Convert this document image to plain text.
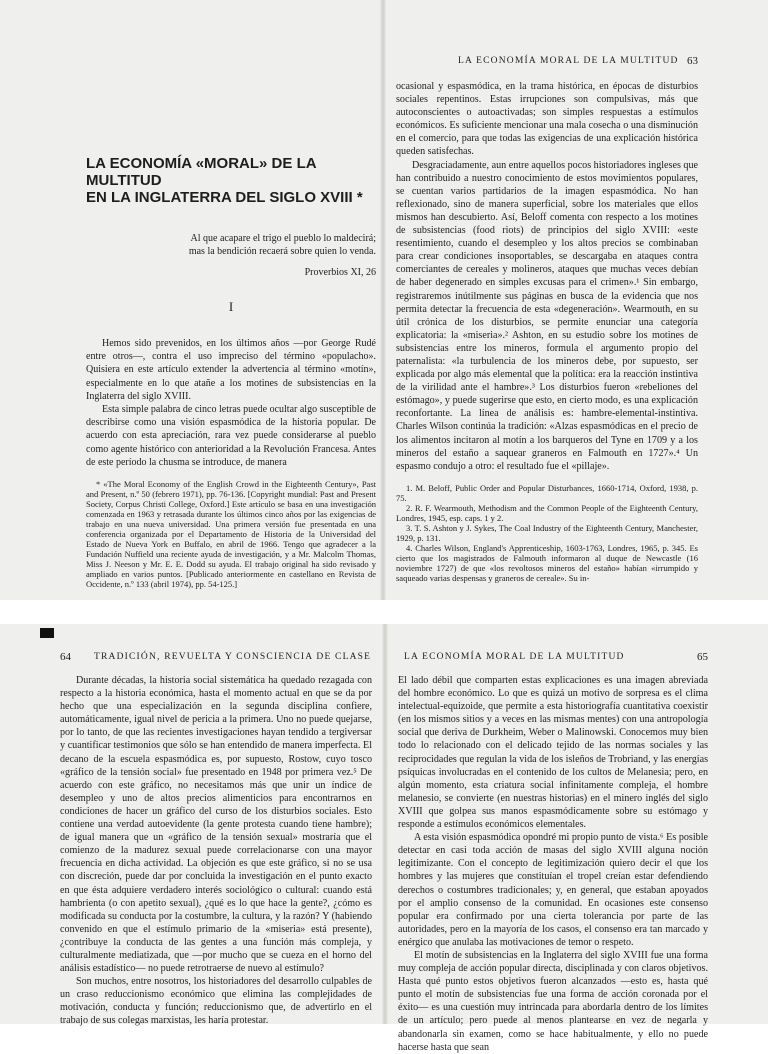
LA ECONOMÍA «MORAL» DE LA MULTITUD
EN LA INGLATERRA DEL SIGLO XVIII *
Al que acapare el trigo el pueblo lo maldecirá;
mas la bendición recaerá sobre quien lo venda.
Proverbios XI, 26
I

Hemos sido prevenidos, en los últimos años —por George Rudé entre otros—, contra el uso impreciso del término «populacho». Quisiera en este artículo extender la advertencia al término «motín», especialmente en lo que atañe a los motines de subsistencias en la Inglaterra del siglo XVIII.

Esta simple palabra de cinco letras puede ocultar algo susceptible de describirse como una visión espasmódica de la historia popular. De acuerdo con esta apreciación, rara vez puede considerarse al pueblo como agente histórico con anterioridad a la Revolución Francesa. Antes de este período la chusma se introduce, de manera

* «The Moral Economy of the English Crowd in the Eighteenth Century», Past and Present, n.º 50 (febrero 1971), pp. 76-136. [Copyright mundial: Past and Present Society, Corpus Christi College, Oxford.] Este artículo se basa en una investigación comenzada en 1963 y retrasada durante los últimos cinco años por las exigencias de trabajo en una nueva universidad. Una primera versión fue presentada en una conferencia organizada por el Departamento de Historia de la Universidad del Estado de Nueva York en Buffalo, en abril de 1966. Tengo que agradecer a la Fundación Nuffield una reciente ayuda de investigación, y a Mr. Malcolm Thomas, Miss J. Neeson y Mr. E. E. Dodd su ayuda. El trabajo original ha sido revisado y ampliado en varios puntos. [Publicado anteriormente en castellano en Revista de Occidente, n.º 133 (abril 1974), pp. 54-125.]

LA ECONOMÍA MORAL DE LA MULTITUD 63

ocasional y espasmódica, en la trama histórica, en épocas de disturbios sociales repentinos. Estas irrupciones son compulsivas, más que autoconscientes o autoactivadas; son simples respuestas a estímulos económicos. Es suficiente mencionar una mala cosecha o una disminución en el comercio, para que todas las exigencias de una explicación histórica queden satisfechas.

Desgraciadamente, aun entre aquellos pocos historiadores ingleses que han contribuido a nuestro conocimiento de estos movimientos populares, se cuentan varios partidarios de la imagen espasmódica. No han reflexionado, sino de manera superficial, sobre los materiales que ellos mismos han descubierto. Así, Beloff comenta con respecto a los motines de subsistencias (food riots) de principios del siglo XVIII: «este resentimiento, cuando el desempleo y los altos precios se combinaban para crear condiciones insoportables, se descargaba en ataques contra comerciantes de cereales y molineros, ataques que muchas veces debían de haber degenerado en simples excusas para el crimen».¹ Sin embargo, registraremos inútilmente sus páginas en busca de la evidencia que nos permita detectar la frecuencia de esta «degeneración». Wearmouth, en su útil crónica de los disturbios, se permite enunciar una categoría explicatoria: la «miseria».² Ashton, en su estudio sobre los motines de subsistencias entre los mineros, formula el argumento propio del paternalista: «la turbulencia de los mineros debe, por supuesto, ser explicada por algo más elemental que la política: era la reacción instintiva de la virilidad ante el hambre».³ Los disturbios fueron «rebeliones del estómago», y puede sugerirse que esto, en cierto modo, es una explicación reconfortante. La línea de análisis es: hambre-elemental-instintiva. Charles Wilson continúa la tradición: «Alzas espasmódicas en el precio de los alimentos incitaron al motín a los barqueros del Tyne en 1709 y a los mineros del estaño a saquear graneros en Falmouth en 1727».⁴ Un espasmo condujo a otro: el resultado fue el «pillaje».

1. M. Beloff, Public Order and Popular Disturbances, 1660-1714, Oxford, 1938, p. 75.

2. R. F. Wearmouth, Methodism and the Common People of the Eighteenth Century, Londres, 1945, esp. caps. 1 y 2.

3. T. S. Ashton y J. Sykes, The Coal Industry of the Eighteenth Century, Manchester, 1929, p. 131.

4. Charles Wilson, England's Apprenticeship, 1603-1763, Londres, 1965, p. 345. Es cierto que los magistrados de Falmouth informaron al duque de Newcastle (16 noviembre 1727) de que «los revoltosos mineros del estaño» habían «irrumpido y saqueado varias despensas y graneros de cereale». Su in-

64 TRADICIÓN, REVUELTA Y CONSCIENCIA DE CLASE

Durante décadas, la historia social sistemática ha quedado rezagada con respecto a la historia económica, hasta el momento actual en que se da por hecho que una especialización en la segunda disciplina confiere, automáticamente, igual nivel de pericia a la primera. Uno no puede quejarse, por lo tanto, de que las recientes investigaciones hayan tendido a tergiversar y cuantificar testimonios que sólo se han entendido de manera imperfecta. El decano de la escuela espasmódica es, por supuesto, Rostow, cuyo tosco «gráfico de la tensión social» fue presentado en 1948 por primera vez.⁵ De acuerdo con este gráfico, no necesitamos más que unir un índice de desempleo y uno de altos precios alimenticios para encontrarnos en condiciones de hacer un gráfico del curso de los disturbios sociales. Esto contiene una verdad autoevidente (la gente protesta cuando tiene hambre); de igual manera que un «gráfico de la tensión sexual» mostraría que el comienzo de la madurez sexual puede correlacionarse con una mayor frecuencia en dicha actividad. La objeción es que este gráfico, si no se usa con discreción, puede dar por concluida la investigación en el punto exacto en que ésta adquiere verdadero interés sociológico o cultural: cuando está hambrienta (o con apetito sexual), ¿qué es lo que hace la gente?, ¿cómo es modificada su conducta por la costumbre, la cultura, y la razón? Y (habiendo convenido en que el estímulo primario de la «miseria» está presente), ¿contribuye la conducta de las gentes a una función más compleja, y culturalmente mediatizada, que —por mucho que se cueza en el horno del análisis estadístico— no puede retrotraerse de nuevo al estímulo?

Son muchos, entre nosotros, los historiadores del desarrollo culpables de un craso reduccionismo económico que elimina las complejidades de motivación, conducta y función; reduccionismo que, de advertirlo en el trabajo de sus colegas marxistas, les haría protestar.

LA ECONOMÍA MORAL DE LA MULTITUD	65

El lado débil que comparten estas explicaciones es una imagen abreviada del hombre económico. Lo que es quizá un motivo de sorpresa es el clima intelectual-equizoide, que permite a esta historiografía cuantitativa coexistir (en los mismos sitios y a veces en las mismas mentes) con una antropología social que deriva de Durkheim, Weber o Malinowski. Conocemos muy bien todo lo relacionado con el delicado tejido de las normas sociales y las reciprocidades que regulan la vida de los isleños de Trobriand, y las energías psíquicas involucradas en el contenido de los cultos de Melanesia; pero, en algún momento, esta criatura social infinitamente compleja, el hombre melanesio, se convierte (en nuestras historias) en el minero inglés del siglo XVIII que golpea sus manos espasmódicamente sobre su estómago y responde a estímulos económicos elementales.

A esta visión espasmódica opondré mi propio punto de vista.⁶ Es posible detectar en casi toda acción de masas del siglo XVIII alguna noción legitimizante. Con el concepto de legitimización quiero decir el que los hombres y las mujeres que constituían el tropel creían estar defendiendo derechos o costumbres tradicionales; y, en general, que estaban apoyados por el amplio consenso de la comunidad. En ocasiones este consenso popular era confirmado por una cierta tolerancia por parte de las autoridades, pero en la mayoría de los casos, el consenso era tan marcado y enérgico que anulaba las motivaciones de temor o respeto.

El motín de subsistencias en la Inglaterra del siglo XVIII fue una forma muy compleja de acción popular directa, disciplinada y con claros objetivos. Hasta qué punto estos objetivos fueron alcanzados —esto es, hasta qué punto el motín de subsistencias fue una forma de acción coronada por el éxito— es una cuestión muy intrincada para abordarla dentro de los límites de un artículo; pero puede al menos plantearse en vez de negarla y abandonarla sin examen, como se hace habitualmente, y ello no puede hacerse hasta que sean
